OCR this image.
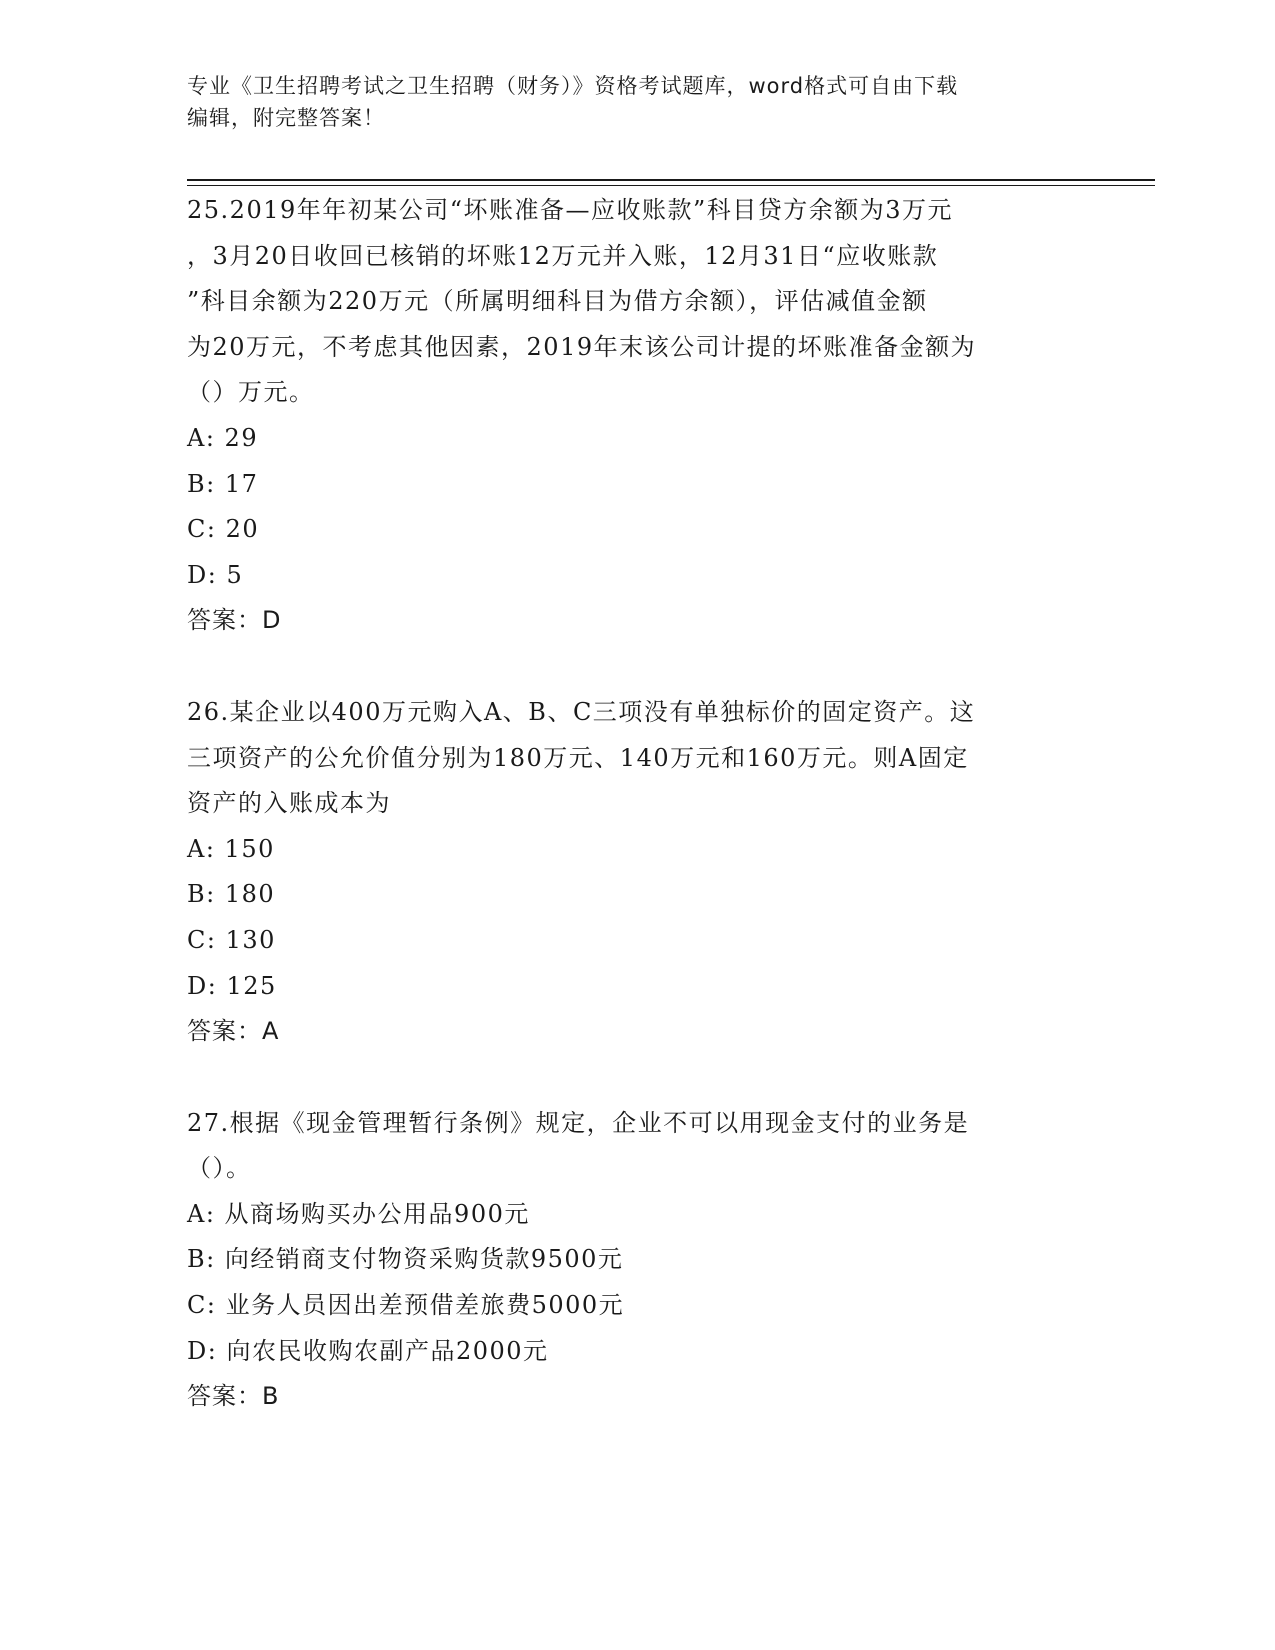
专业《卫生招聘考试之卫生招聘（财务）》资格考试题库，word格式可自由下载
编辑，附完整答案！

25.2019年年初某公司“坏账准备—应收账款”科目贷方余额为3万元

，3月20日收回已核销的坏账12万元并入账，12月31日“应收账款

”科目余额为220万元（所属明细科目为借方余额），评估减值金额

为20万元，不考虑其他因素，2019年末该公司计提的坏账准备金额为

（）万元。

A: 29

B: 17

C: 20

D: 5

答案：D

26.某企业以400万元购入A、B、C三项没有单独标价的固定资产。这

三项资产的公允价值分别为180万元、140万元和160万元。则A固定

资产的入账成本为

A: 150

B: 180

C: 130

D: 125

答案：A

27.根据《现金管理暂行条例》规定，企业不可以用现金支付的业务是

（）。

A: 从商场购买办公用品900元

B: 向经销商支付物资采购货款9500元

C: 业务人员因出差预借差旅费5000元

D: 向农民收购农副产品2000元

答案：B
